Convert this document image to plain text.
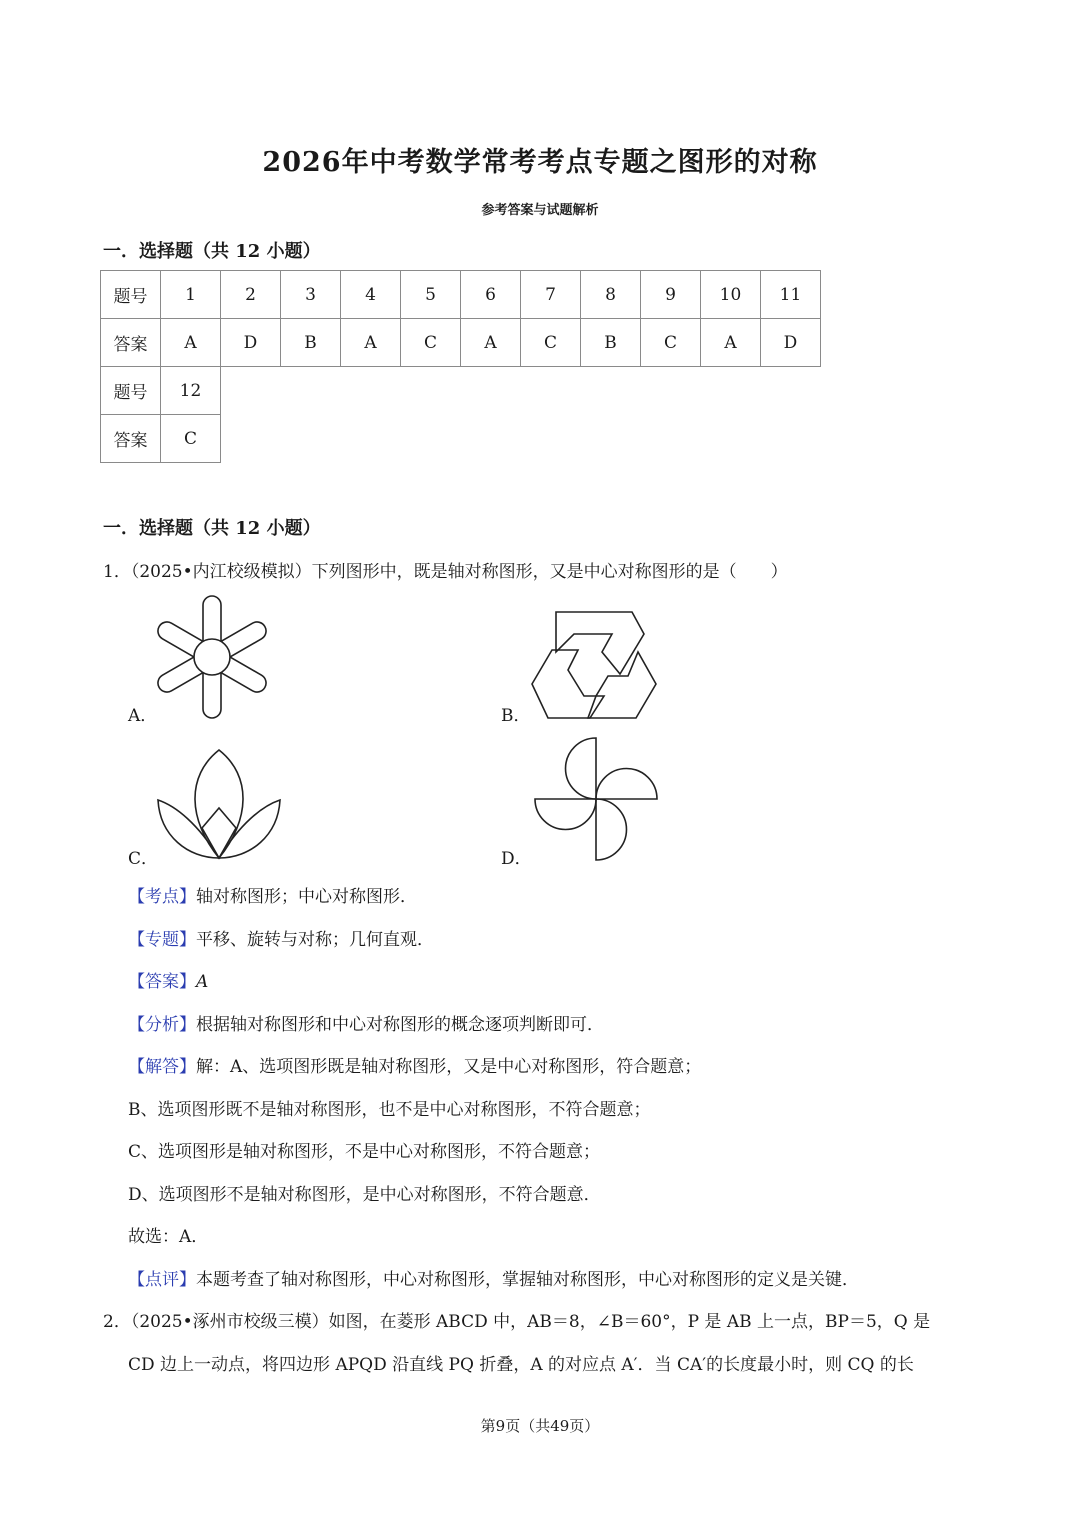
2026年中考数学常考考点专题之图形的对称
参考答案与试题解析
一．选择题（共 12 小题）
题号	1	2	3	4	5	6	7	8	9	10	11
答案	A	D	B	A	C	A	C	B	C	A	D
题号	12
答案	C
一．选择题（共 12 小题）
1．（2025•内江校级模拟）下列图形中，既是轴对称图形，又是中心对称图形的是（　　）
A．	B．
C．	D．
【考点】轴对称图形；中心对称图形．
【专题】平移、旋转与对称；几何直观．
【答案】A
【分析】根据轴对称图形和中心对称图形的概念逐项判断即可．
【解答】解：A、选项图形既是轴对称图形，又是中心对称图形，符合题意；
B、选项图形既不是轴对称图形，也不是中心对称图形，不符合题意；
C、选项图形是轴对称图形，不是中心对称图形，不符合题意；
D、选项图形不是轴对称图形，是中心对称图形，不符合题意．
故选：A．
【点评】本题考查了轴对称图形，中心对称图形，掌握轴对称图形，中心对称图形的定义是关键．
2．（2025•涿州市校级三模）如图，在菱形 ABCD 中，AB＝8，∠B＝60°，P 是 AB 上一点，BP＝5，Q 是
CD 边上一动点，将四边形 APQD 沿直线 PQ 折叠，A 的对应点 A′．当 CA′的长度最小时，则 CQ 的长
第9页（共49页）
